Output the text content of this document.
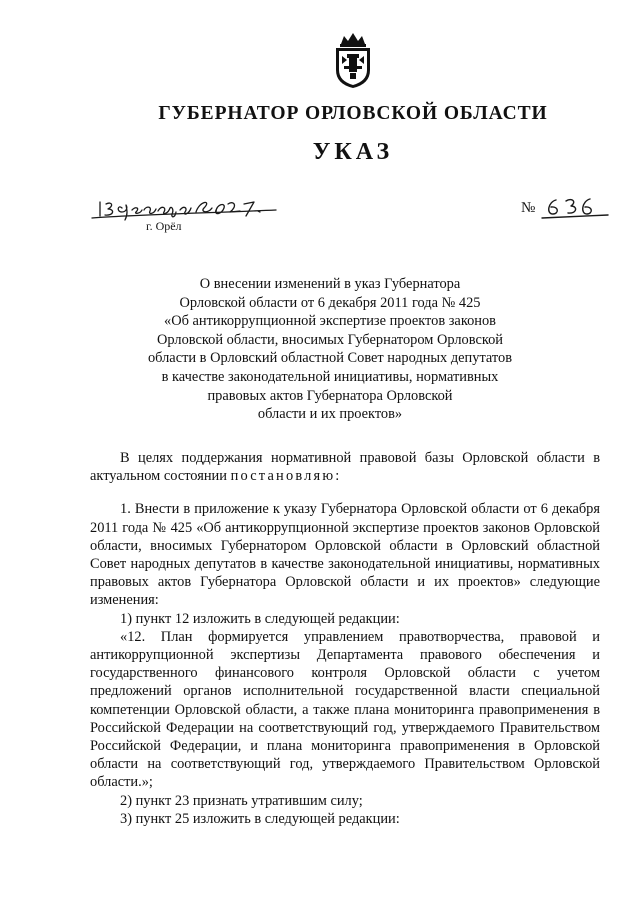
ГУБЕРНАТОР ОРЛОВСКОЙ ОБЛАСТИ
УКАЗ
г. Орёл
№
О внесении изменений в указ Губернатора
Орловской области от 6 декабря 2011 года № 425
«Об антикоррупционной экспертизе проектов законов
Орловской области, вносимых Губернатором Орловской
области в Орловский областной Совет народных депутатов
в качестве законодательной инициативы, нормативных
правовых актов Губернатора Орловской
области и их проектов»

В целях поддержания нормативной правовой базы Орловской области в актуальном состоянии постановляю:

1. Внести в приложение к указу Губернатора Орловской области от 6 декабря 2011 года № 425 «Об антикоррупционной экспертизе проектов законов Орловской области, вносимых Губернатором Орловской области в Орловский областной Совет народных депутатов в качестве законодательной инициативы, нормативных правовых актов Губернатора Орловской области и их проектов» следующие изменения:

1) пункт 12 изложить в следующей редакции:

«12. План формируется управлением правотворчества, правовой и антикоррупционной экспертизы Департамента правового обеспечения и государственного финансового контроля Орловской области с учетом предложений органов исполнительной государственной власти специальной компетенции Орловской области, а также плана мониторинга правоприменения в Российской Федерации на соответствующий год, утверждаемого Правительством Российской Федерации, и плана мониторинга правоприменения в Орловской области на соответствующий год, утверждаемого Правительством Орловской области.»;

2) пункт 23 признать утратившим силу;

3) пункт 25 изложить в следующей редакции:
